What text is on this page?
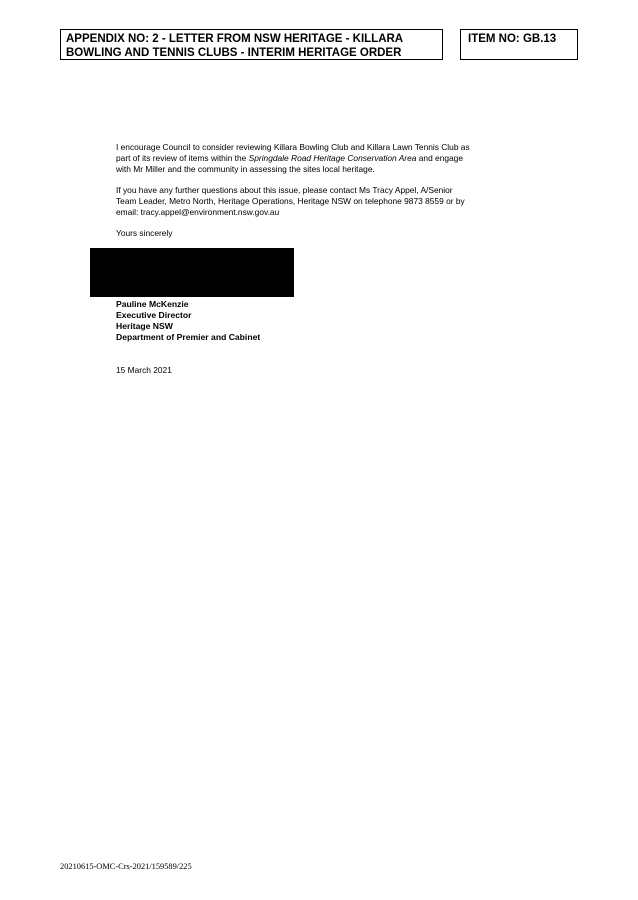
APPENDIX NO: 2 - LETTER FROM NSW HERITAGE - KILLARA
BOWLING AND TENNIS CLUBS - INTERIM HERITAGE ORDER
ITEM NO: GB.13

I encourage Council to consider reviewing Killara Bowling Club and Killara Lawn Tennis Club as
part of its review of items within the Springdale Road Heritage Conservation Area and engage
with Mr Miller and the community in assessing the sites local heritage.

If you have any further questions about this issue, please contact Ms Tracy Appel, A/Senior
Team Leader, Metro North, Heritage Operations, Heritage NSW on telephone 9873 8559 or by
email: tracy.appel@environment.nsw.gov.au

Yours sincerely

Pauline McKenzie
Executive Director
Heritage NSW
Department of Premier and Cabinet
15 March 2021
20210615-OMC-Crs-2021/159589/225
